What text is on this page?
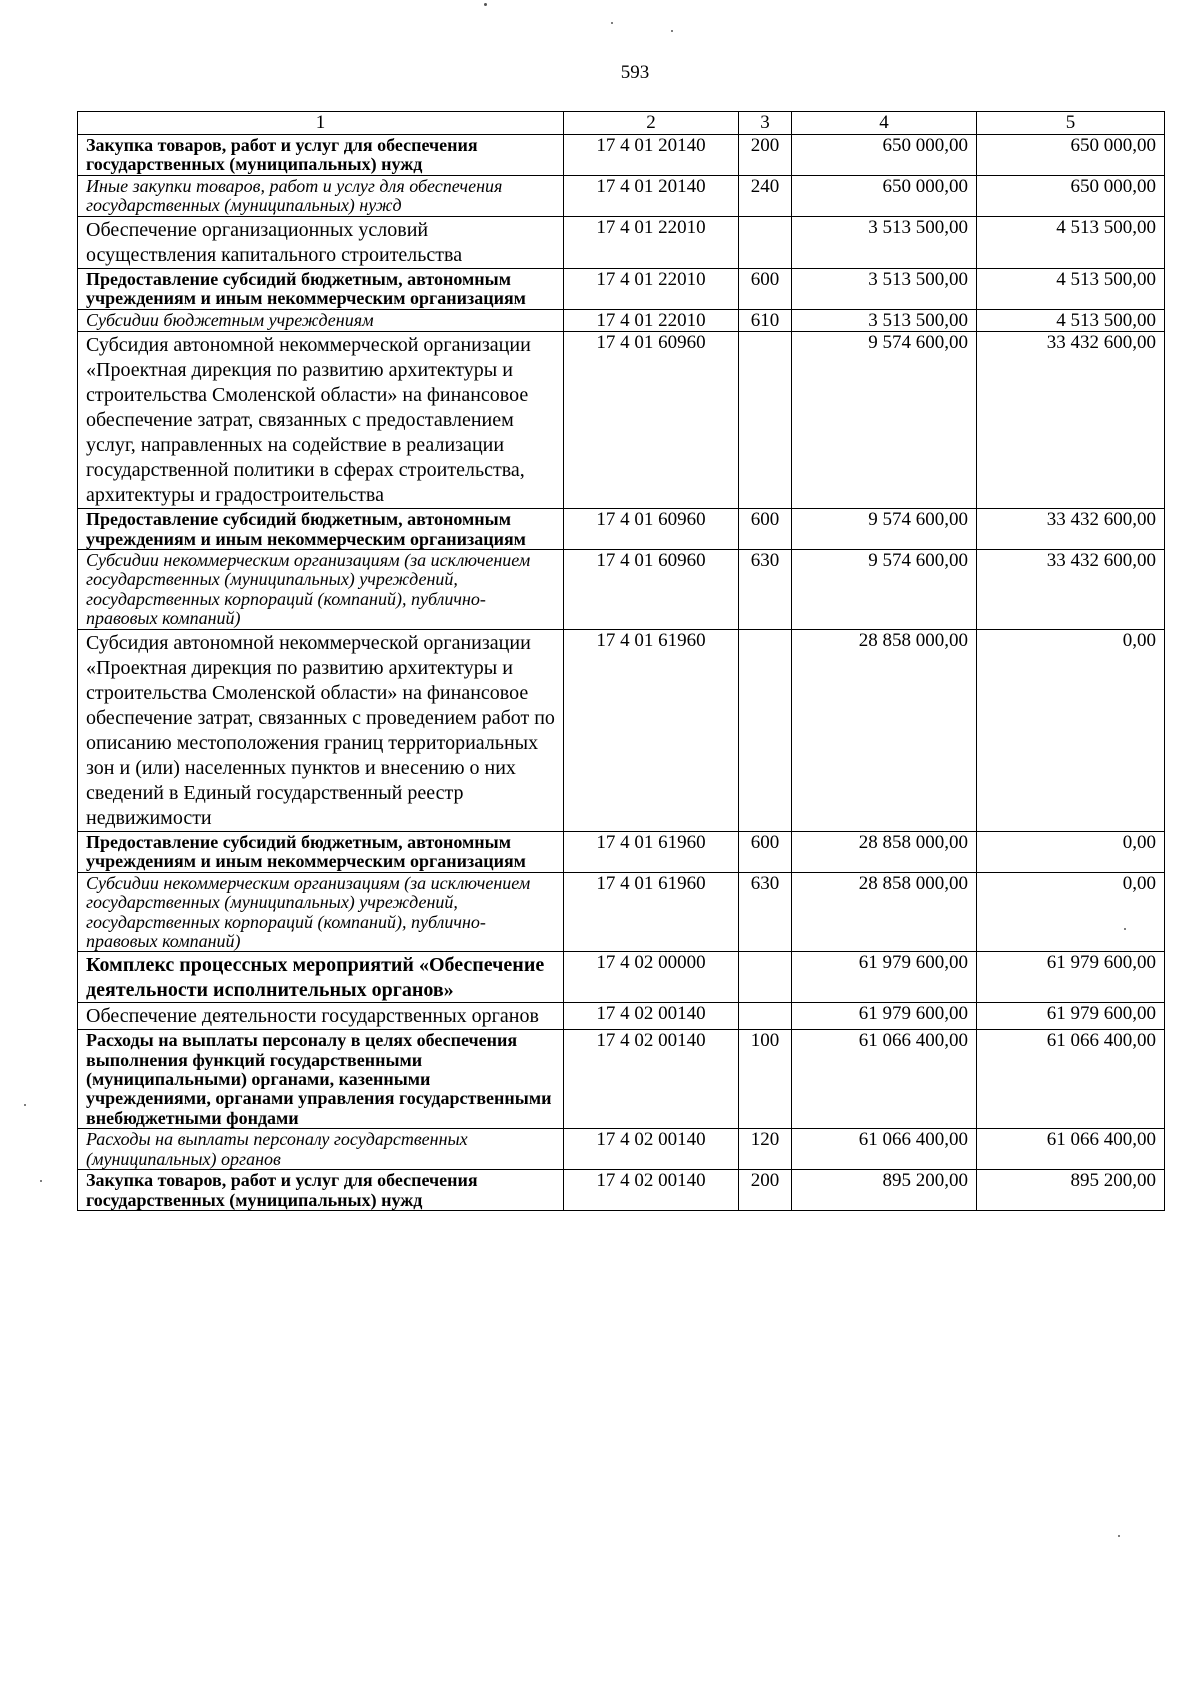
593
1	2	3	4	5
Закупка товаров, работ и услуг для обеспечения государственных (муниципальных) нужд	17 4 01 20140	200	650 000,00	650 000,00
Иные закупки товаров, работ и услуг для обеспечения государственных (муниципальных) нужд	17 4 01 20140	240	650 000,00	650 000,00
Обеспечение организационных условий осуществления капитального строительства	17 4 01 22010		3 513 500,00	4 513 500,00
Предоставление субсидий бюджетным, автономным учреждениям и иным некоммерческим организациям	17 4 01 22010	600	3 513 500,00	4 513 500,00
Субсидии бюджетным учреждениям	17 4 01 22010	610	3 513 500,00	4 513 500,00
Субсидия автономной некоммерческой организации «Проектная дирекция по развитию архитектуры и строительства Смоленской области» на финансовое обеспечение затрат, связанных с предоставлением услуг, направленных на содействие в реализации государственной политики в сферах строительства, архитектуры и градостроительства	17 4 01 60960		9 574 600,00	33 432 600,00
Предоставление субсидий бюджетным, автономным учреждениям и иным некоммерческим организациям	17 4 01 60960	600	9 574 600,00	33 432 600,00
Субсидии некоммерческим организациям (за исключением государственных (муниципальных) учреждений, государственных корпораций (компаний), публично-правовых компаний)	17 4 01 60960	630	9 574 600,00	33 432 600,00
Субсидия автономной некоммерческой организации «Проектная дирекция по развитию архитектуры и строительства Смоленской области» на финансовое обеспечение затрат, связанных с проведением работ по описанию местоположения границ территориальных зон и (или) населенных пунктов и внесению о них сведений в Единый государственный реестр недвижимости	17 4 01 61960		28 858 000,00	0,00
Предоставление субсидий бюджетным, автономным учреждениям и иным некоммерческим организациям	17 4 01 61960	600	28 858 000,00	0,00
Субсидии некоммерческим организациям (за исключением государственных (муниципальных) учреждений, государственных корпораций (компаний), публично-правовых компаний)	17 4 01 61960	630	28 858 000,00	0,00
Комплекс процессных мероприятий «Обеспечение деятельности исполнительных органов»	17 4 02 00000		61 979 600,00	61 979 600,00
Обеспечение деятельности государственных органов	17 4 02 00140		61 979 600,00	61 979 600,00
Расходы на выплаты персоналу в целях обеспечения выполнения функций государственными (муниципальными) органами, казенными учреждениями, органами управления государственными внебюджетными фондами	17 4 02 00140	100	61 066 400,00	61 066 400,00
Расходы на выплаты персоналу государственных (муниципальных) органов	17 4 02 00140	120	61 066 400,00	61 066 400,00
Закупка товаров, работ и услуг для обеспечения государственных (муниципальных) нужд	17 4 02 00140	200	895 200,00	895 200,00
